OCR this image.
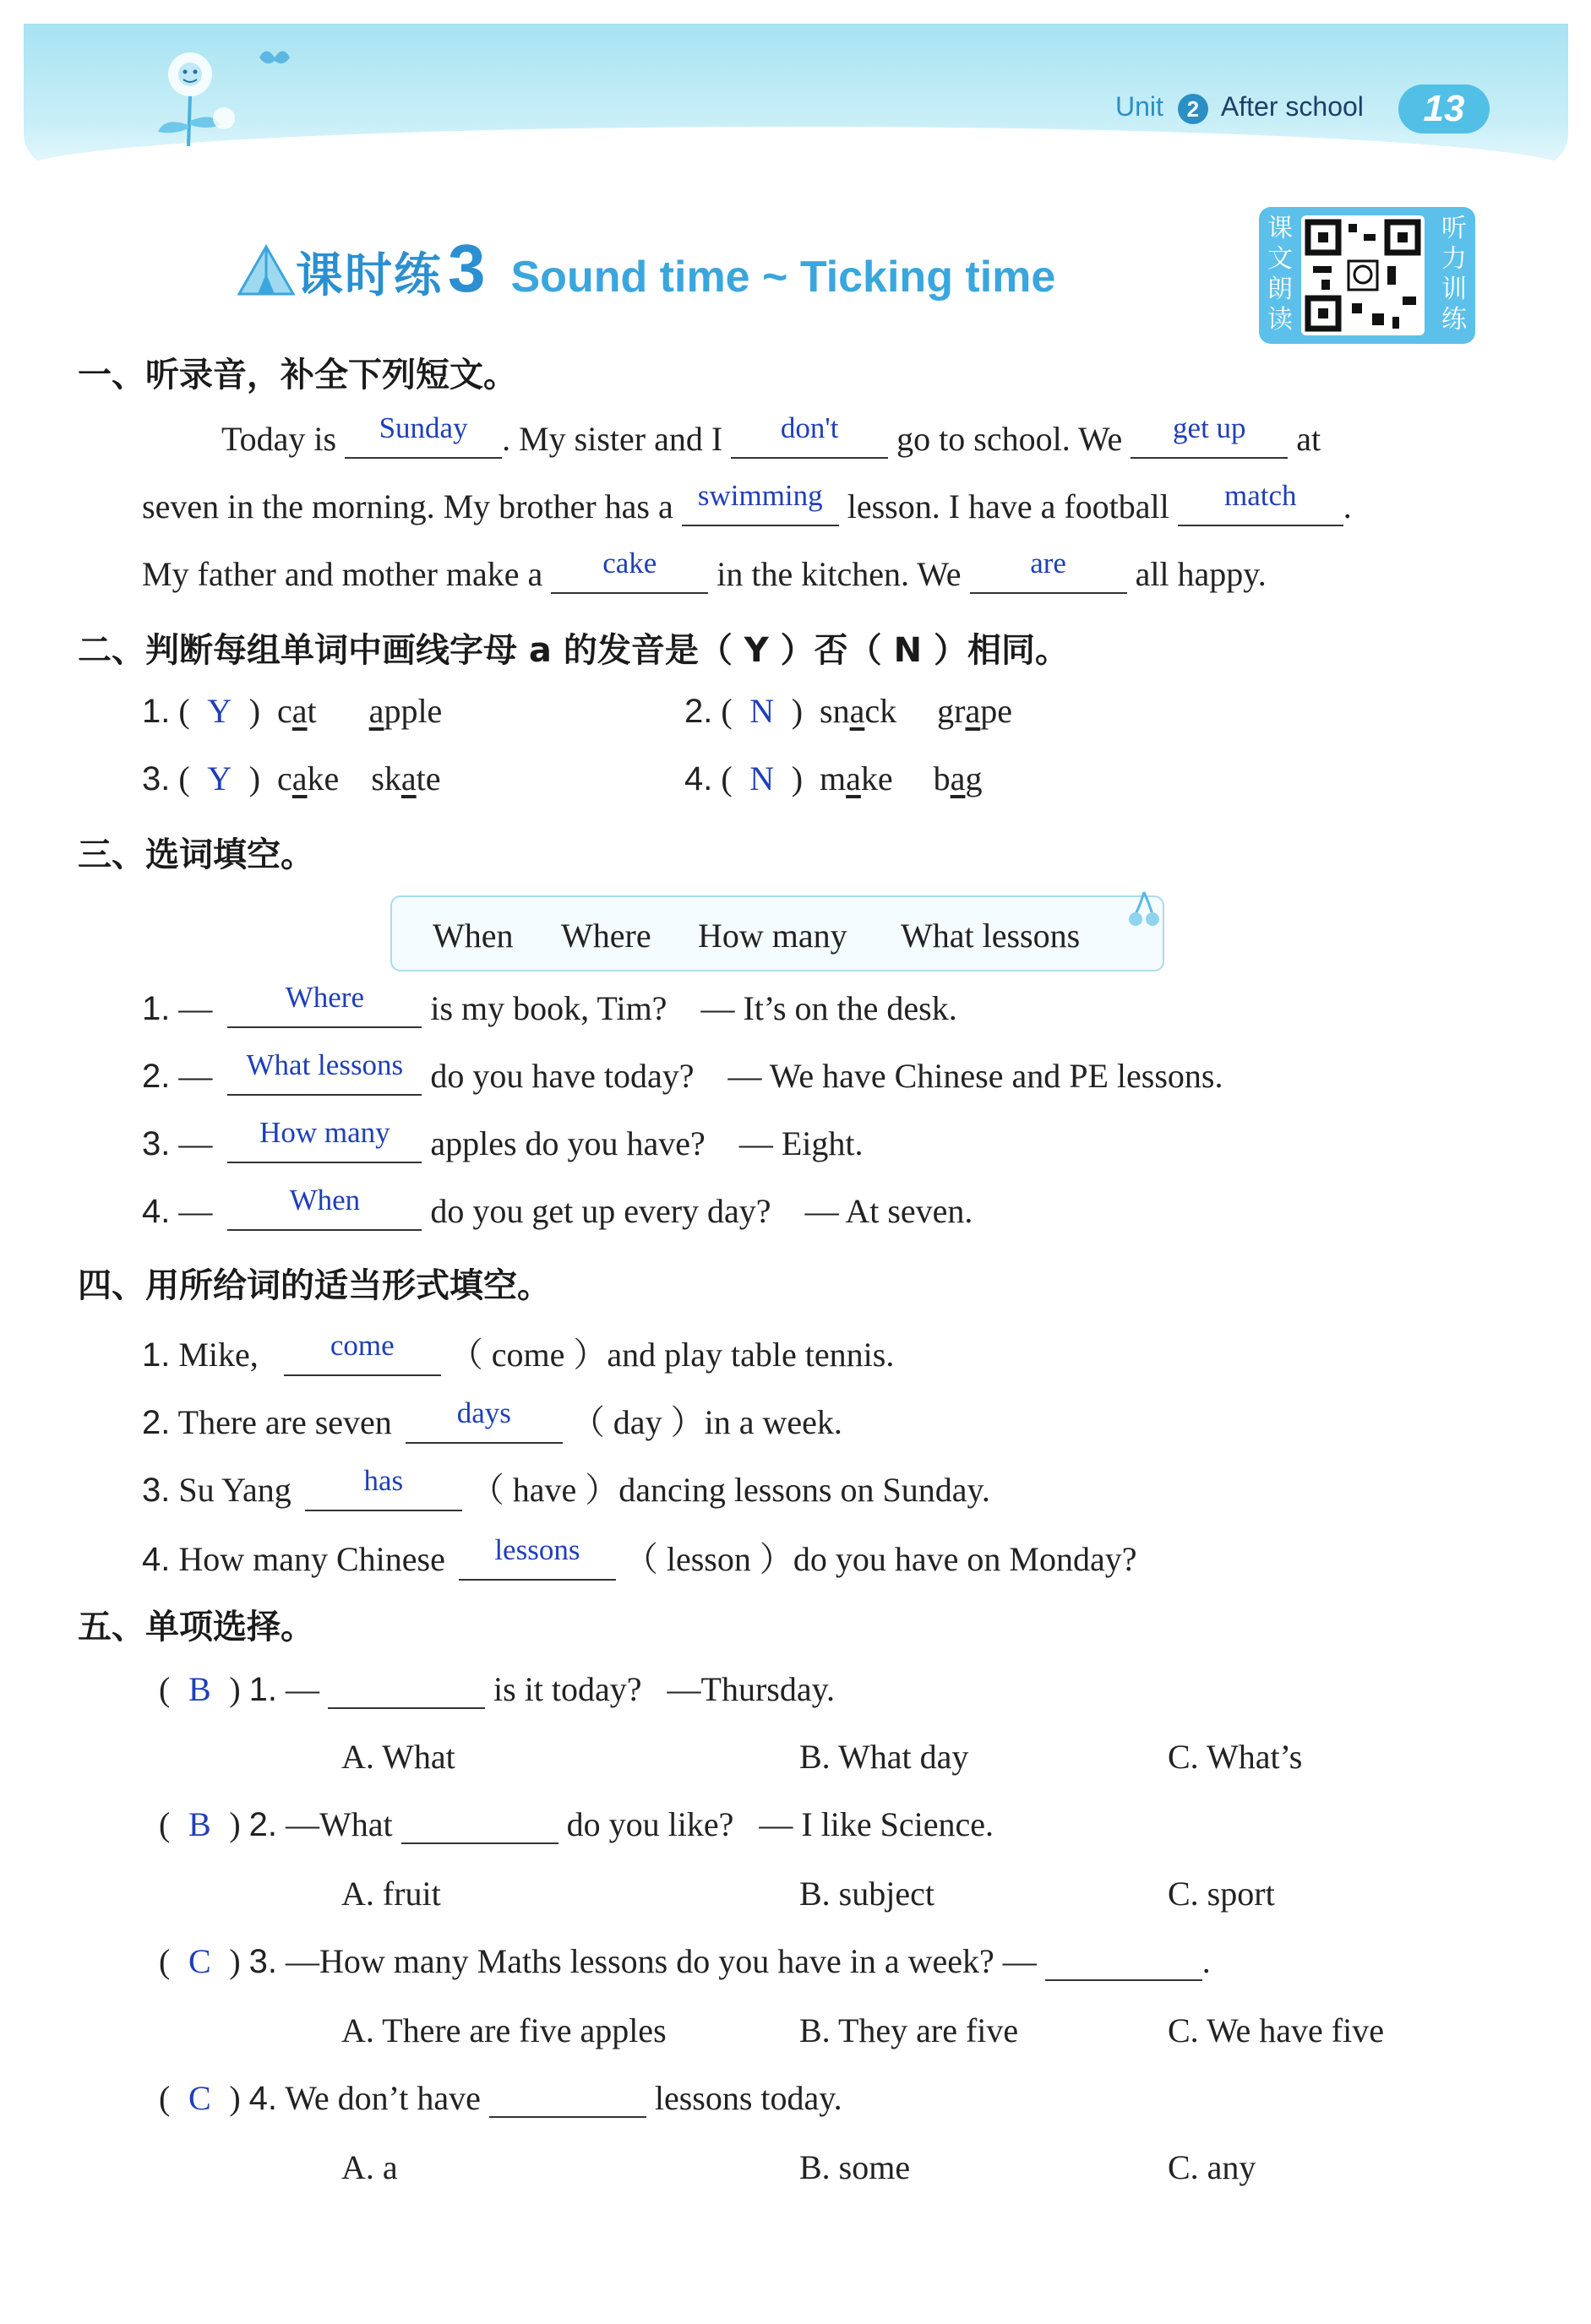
Unit 2 After school	13
课时练3 Sound time ~ Ticking time
课文朗读
听力训练
一、听录音，补全下列短文。
Today is	Sunday	. My sister and I	don't	go to school. We	get up	at
seven in the morning. My brother has a swimming lesson. I have a football	match	.
My father and mother make a	cake	in the kitchen. We	are	all happy.
二、判断每组单词中画线字母 a 的发音是（ Y ）否（ N ）相同。
1. ( Y ) cat apple	2. ( N ) snack grape
3. ( Y ) cake skate	4. ( N ) make bag
三、选词填空。
When Where How many What lessons
1. —	Where	is my book, Tim? — It’s on the desk.
2. —	What lessons do you have today? — We have Chinese and PE lessons.
3. —	How many	apples do you have? — Eight.
4. —	When	do you get up every day? — At seven.
四、用所给词的适当形式填空。
1. Mike,	come	（ come ）and play table tennis.
2. There are seven	days	（ day ）in a week.
3. Su Yang	has	（ have ）dancing lessons on Sunday.
4. How many Chinese	lessons	（ lesson ）do you have on Monday?
五、单项选择。
( B ) 1. —	is it today? —Thursday.
A. What	B. What day	C. What’s
( B ) 2. —What	do you like? — I like Science.
A. fruit	B. subject	C. sport
( C ) 3. —How many Maths lessons do you have in a week? —	.
A. There are five apples	B. They are five	C. We have five
( C ) 4. We don’t have	lessons today.
A. a	B. some	C. any
